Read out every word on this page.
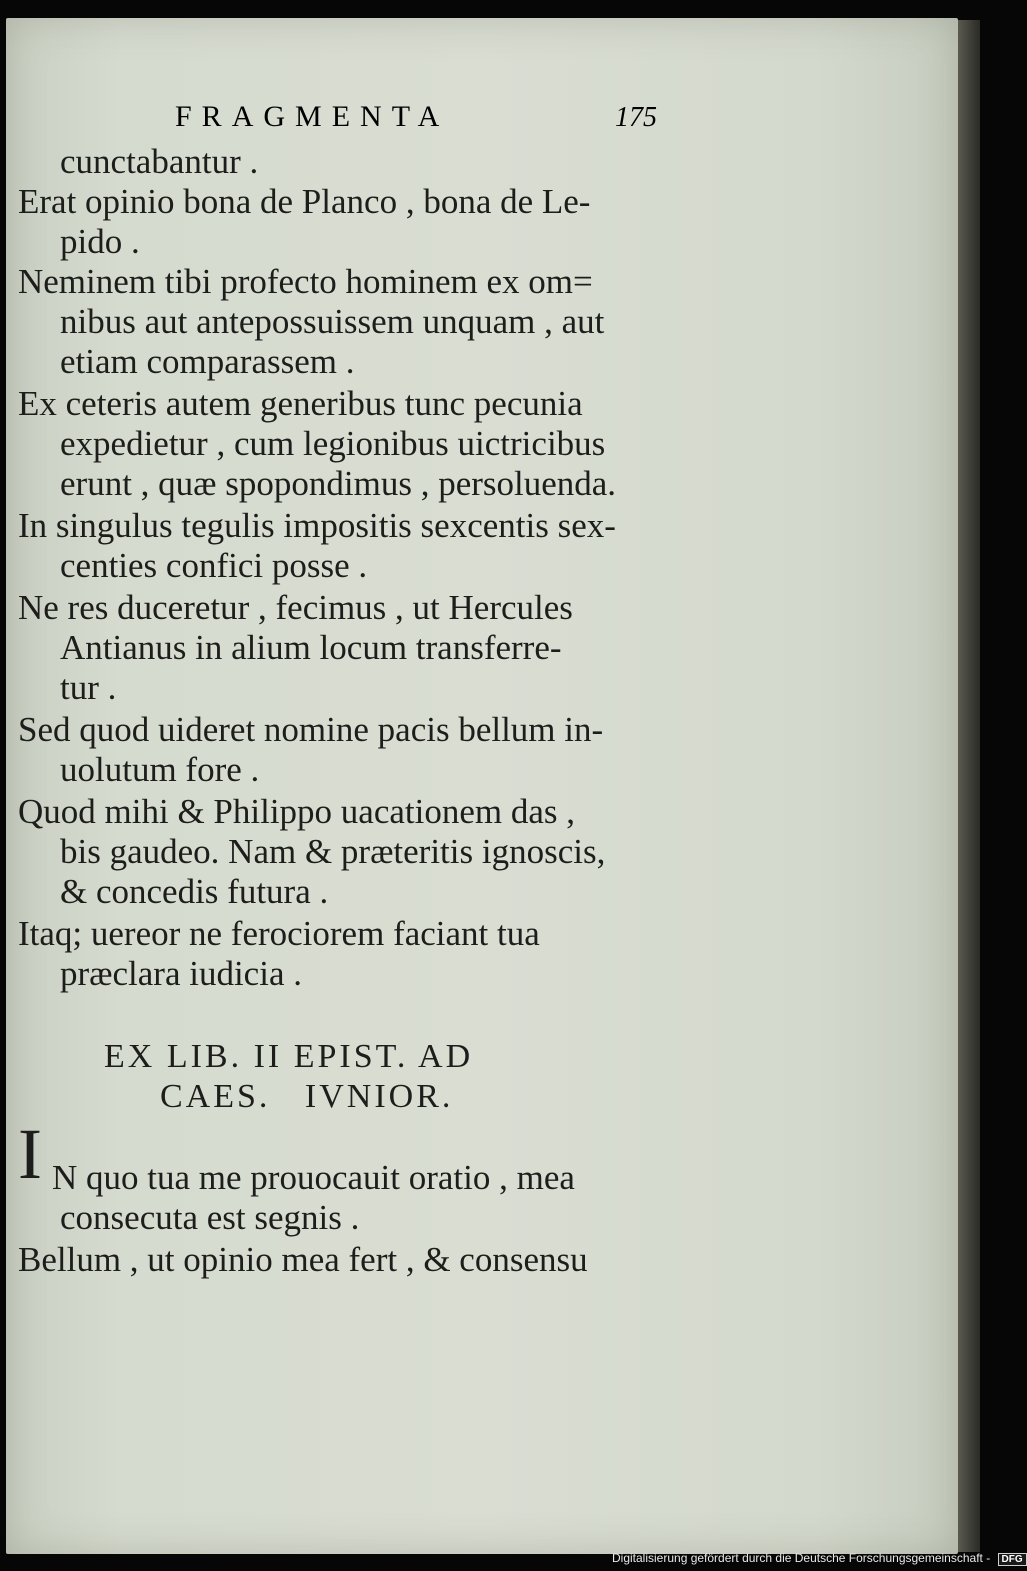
FRAGMENTA	175
cunctabantur .
Erat opinio bona de Planco , bona de Le-
pido .
Neminem tibi profecto hominem ex om=
nibus aut antepossuissem unquam , aut
etiam comparassem .
Ex ceteris autem generibus tunc pecunia
expedietur , cum legionibus uictricibus
erunt , quæ spopondimus , persoluenda.
In singulus tegulis impositis sexcentis sex-
centies confici posse .
Ne res duceretur , fecimus , ut Hercules
Antianus in alium locum transferre-
tur .
Sed quod uideret nomine pacis bellum in-
uolutum fore .
Quod mihi & Philippo uacationem das ,
bis gaudeo. Nam & præteritis ignoscis,
& concedis futura .
Itaq; uereor ne ferociorem faciant tua
præclara iudicia .
EX LIB. II EPIST. AD
CAES.   IVNIOR.
I N quo tua me prouocauit oratio , mea
consecuta est segnis .
Bellum , ut opinio mea fert , & consensu
Digitalisierung gefördert durch die Deutsche Forschungsgemeinschaft - DFG
